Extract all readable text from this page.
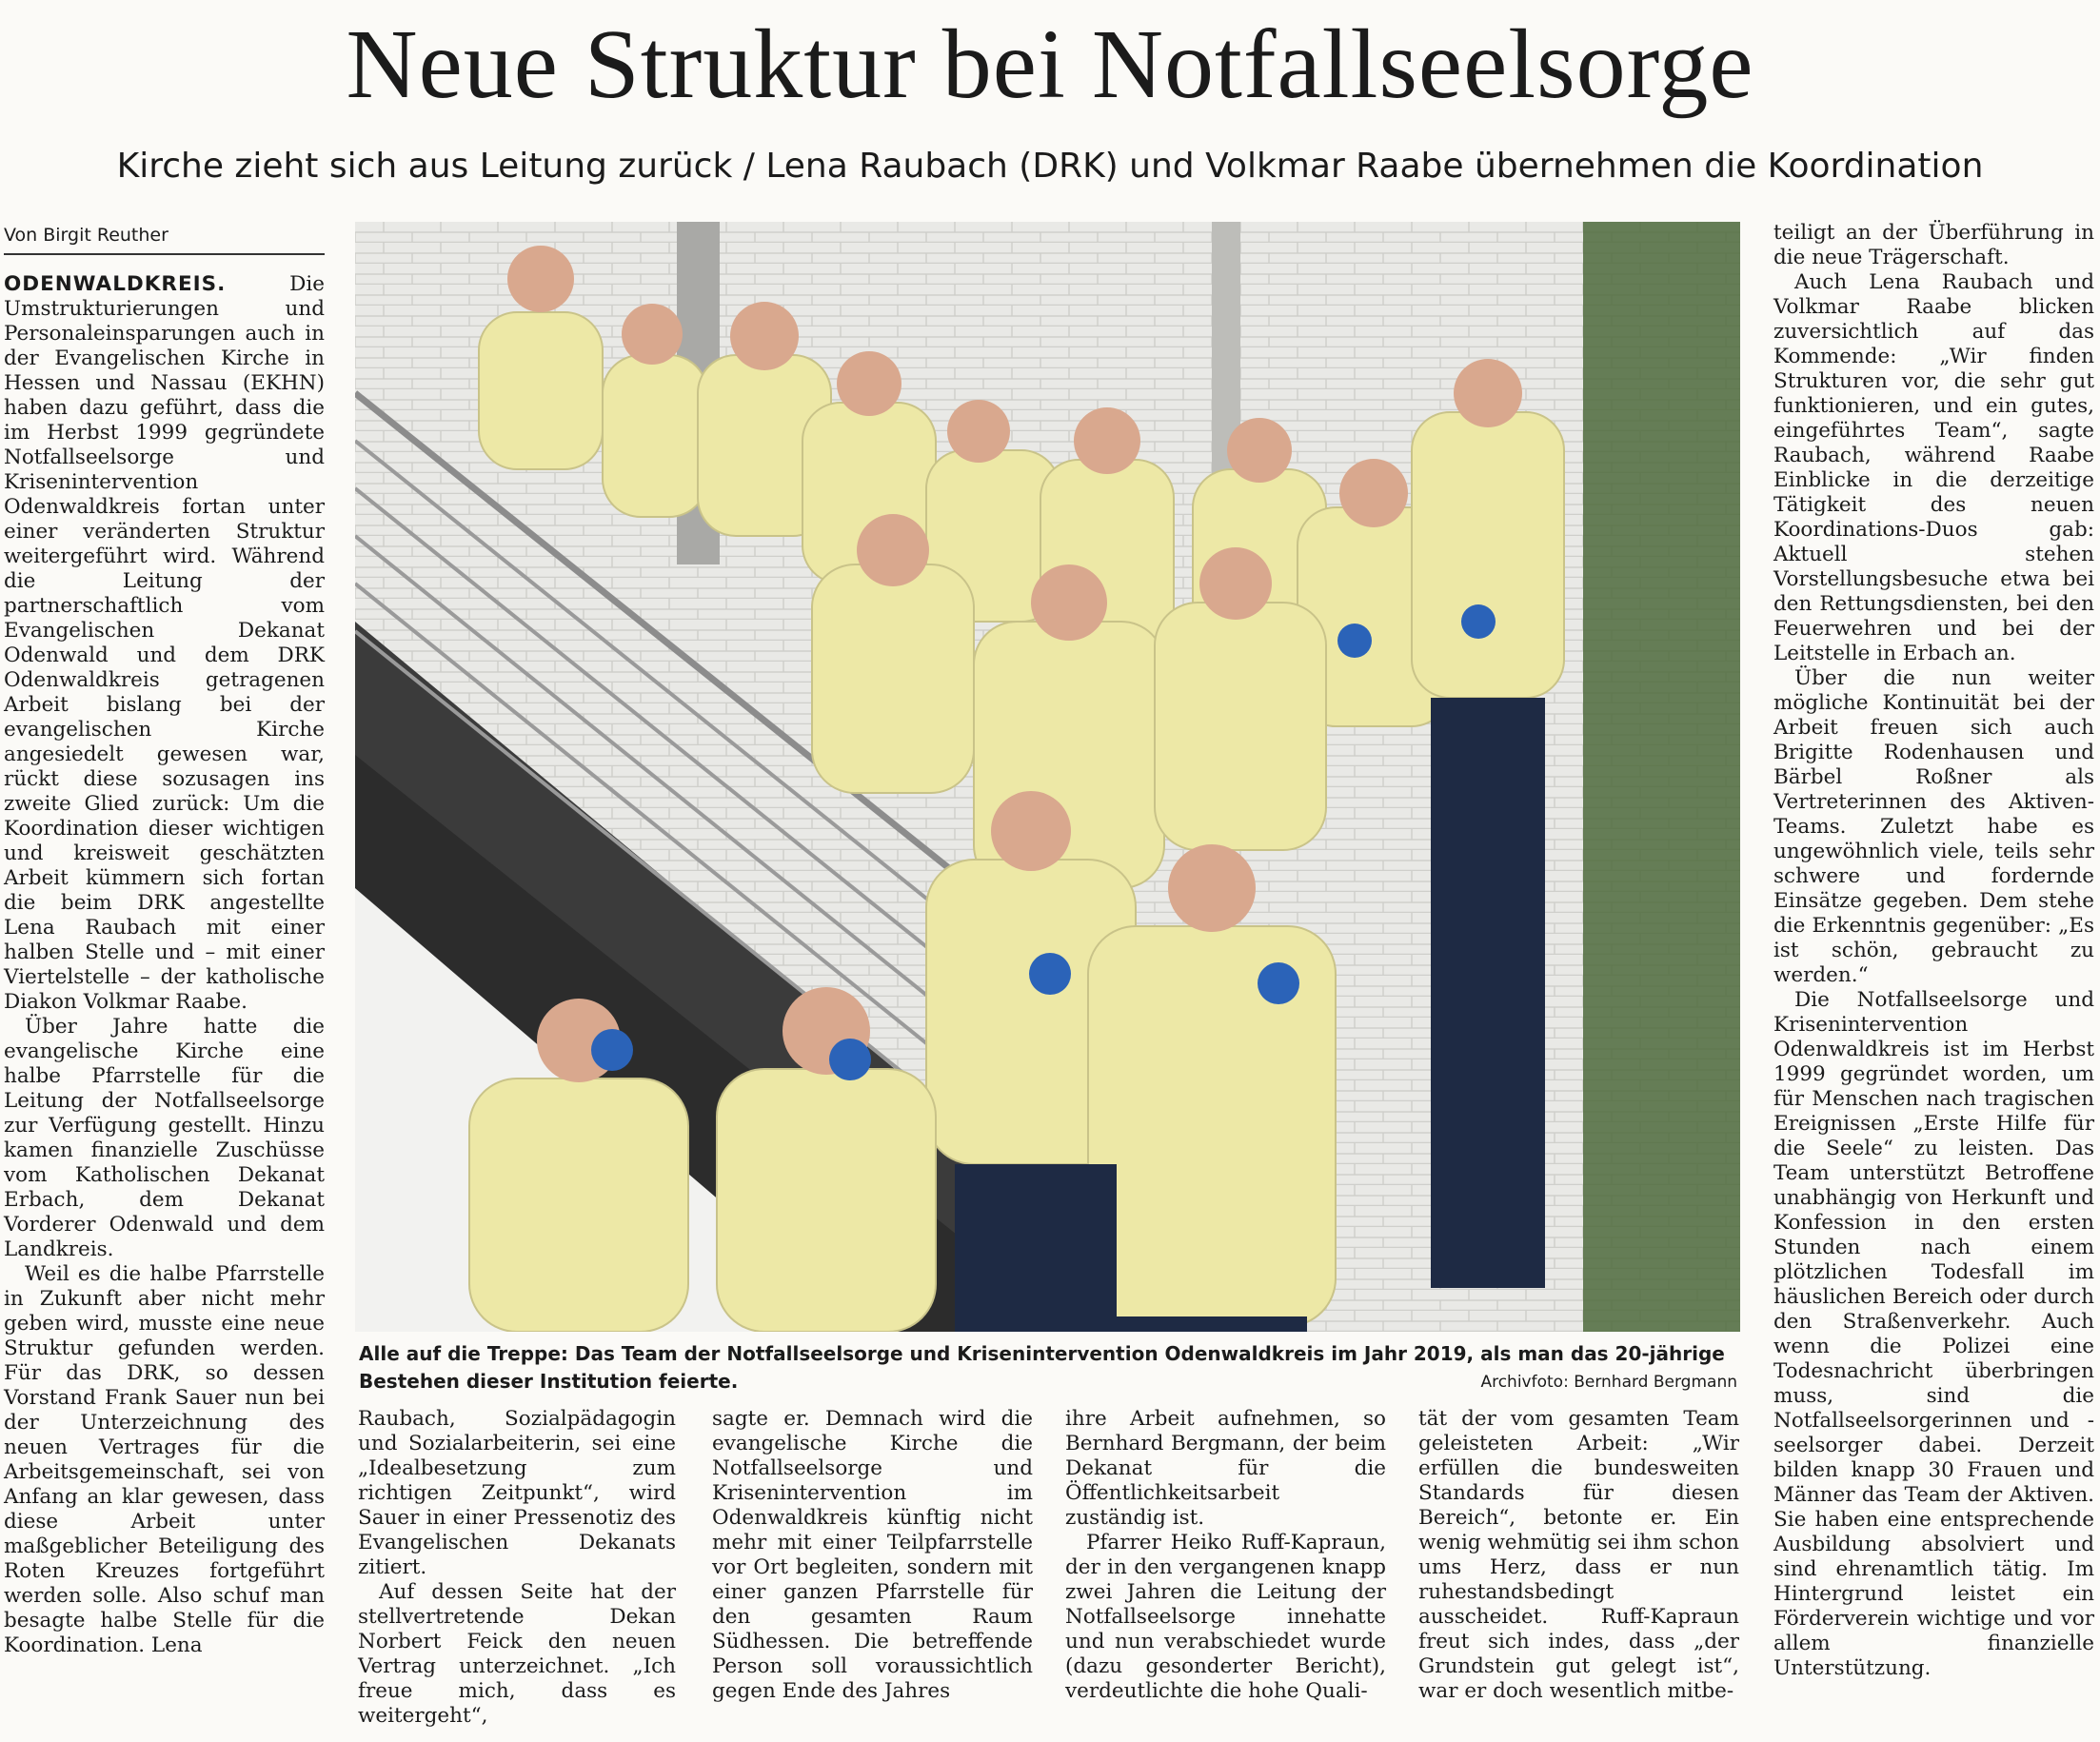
Neue Struktur bei Notfallseelsorge
Kirche zieht sich aus Leitung zurück / Lena Raubach (DRK) und Volkmar Raabe übernehmen die Koordination
Von Birgit Reuther

ODENWALDKREIS.	Die Umstrukturierungen und Personaleinsparungen auch in der Evangelischen Kirche in Hessen und Nassau (EKHN) haben dazu geführt, dass die im Herbst 1999 gegründete Notfallseelsorge und Krisenintervention Odenwaldkreis fortan unter einer veränderten Struktur weitergeführt wird. Während die Leitung der partnerschaftlich vom Evangelischen Dekanat Odenwald und dem DRK Odenwaldkreis getragenen Arbeit bislang bei der evangelischen Kirche angesiedelt gewesen war, rückt diese sozusagen ins zweite Glied zurück: Um die Koordination dieser wichtigen und kreisweit geschätzten Arbeit kümmern sich fortan die beim DRK angestellte Lena Raubach mit einer halben Stelle und – mit einer Viertelstelle – der katholische Diakon Volkmar Raabe.

Über Jahre hatte die evangelische Kirche eine halbe Pfarrstelle für die Leitung der Notfallseelsorge zur Verfügung gestellt. Hinzu kamen finanzielle Zuschüsse vom Katholischen Dekanat Erbach, dem Dekanat Vorderer Odenwald und dem Landkreis.

Weil es die halbe Pfarrstelle in Zukunft aber nicht mehr geben wird, musste eine neue Struktur gefunden werden. Für das DRK, so dessen Vorstand Frank Sauer nun bei der Unterzeichnung des neuen Vertrages für die Arbeitsgemeinschaft, sei von Anfang an klar gewesen, dass diese Arbeit unter maßgeblicher Beteiligung des Roten Kreuzes fortgeführt werden solle. Also schuf man besagte halbe Stelle für die Koordination. Lena

Alle auf die Treppe: Das Team der Notfallseelsorge und Krisenintervention Odenwaldkreis im Jahr 2019, als man das 20-jährige Bestehen dieser Institution feierte.	Archivfoto: Bernhard Bergmann

Raubach, Sozialpädagogin und Sozialarbeiterin, sei eine „Idealbesetzung zum richtigen Zeitpunkt“, wird Sauer in einer Pressenotiz des Evangelischen Dekanats zitiert.

Auf dessen Seite hat der stellvertretende Dekan Norbert Feick den neuen Vertrag unterzeichnet. „Ich freue mich, dass es weitergeht“,

sagte er. Demnach wird die evangelische Kirche die Notfallseelsorge und Krisenintervention im Odenwaldkreis künftig nicht mehr mit einer Teilpfarrstelle vor Ort begleiten, sondern mit einer ganzen Pfarrstelle für den gesamten Raum Südhessen. Die betreffende Person soll voraussichtlich gegen Ende des Jahres

ihre Arbeit aufnehmen, so Bernhard Bergmann, der beim Dekanat für die Öffentlichkeitsarbeit zuständig ist.

Pfarrer Heiko Ruff-Kapraun, der in den vergangenen knapp zwei Jahren die Leitung der Notfallseelsorge innehatte und nun verabschiedet wurde (dazu gesonderter Bericht), verdeutlichte die hohe Quali-

tät der vom gesamten Team geleisteten Arbeit: „Wir erfüllen die bundesweiten Standards für diesen Bereich“, betonte er. Ein wenig wehmütig sei ihm schon ums Herz, dass er nun ruhestandsbedingt ausscheidet. Ruff-Kapraun freut sich indes, dass „der Grundstein gut gelegt ist“, war er doch wesentlich mitbe-

teiligt an der Überführung in die neue Trägerschaft.

Auch Lena Raubach und Volkmar Raabe blicken zuversichtlich auf das Kommende: „Wir finden Strukturen vor, die sehr gut funktionieren, und ein gutes, eingeführtes Team“, sagte Raubach, während Raabe Einblicke in die derzeitige Tätigkeit des neuen Koordinations-Duos gab: Aktuell stehen Vorstellungsbesuche etwa bei den Rettungsdiensten, bei den Feuerwehren und bei der Leitstelle in Erbach an.

Über die nun weiter mögliche Kontinuität bei der Arbeit freuen sich auch Brigitte Rodenhausen und Bärbel Roßner als Vertreterinnen des Aktiven-Teams. Zuletzt habe es ungewöhnlich viele, teils sehr schwere und fordernde Einsätze gegeben. Dem stehe die Erkenntnis gegenüber: „Es ist schön, gebraucht zu werden.“

Die Notfallseelsorge und Krisenintervention Odenwaldkreis ist im Herbst 1999 gegründet worden, um für Menschen nach tragischen Ereignissen „Erste Hilfe für die Seele“ zu leisten. Das Team unterstützt Betroffene unabhängig von Herkunft und Konfession in den ersten Stunden nach einem plötzlichen Todesfall im häuslichen Bereich oder durch den Straßenverkehr. Auch wenn die Polizei eine Todesnachricht überbringen muss, sind die Notfallseelsorgerinnen und -seelsorger dabei. Derzeit bilden knapp 30 Frauen und Männer das Team der Aktiven. Sie haben eine entsprechende Ausbildung absolviert und sind ehrenamtlich tätig. Im Hintergrund leistet ein Förderverein wichtige und vor allem finanzielle Unterstützung.
